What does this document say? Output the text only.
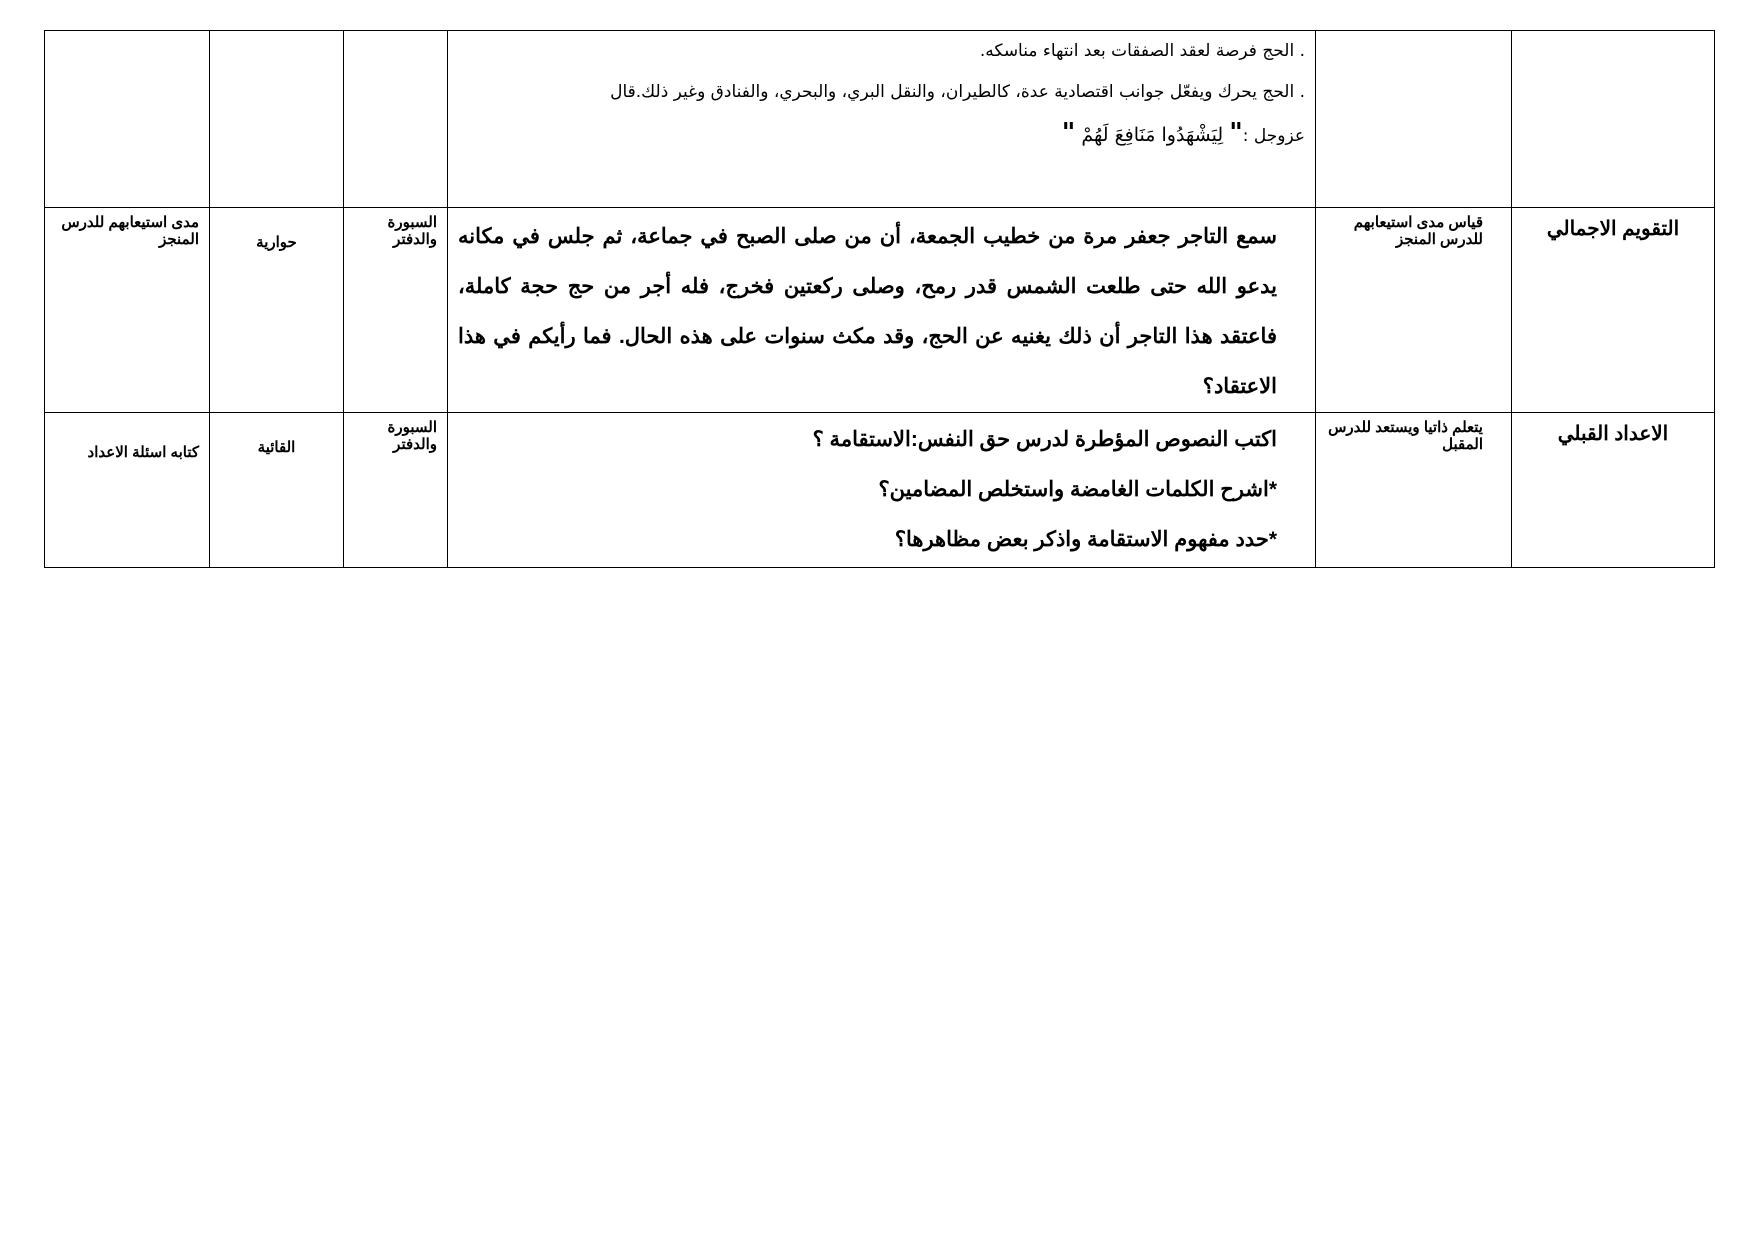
		. الحج فرصة لعقد الصفقات بعد انتهاء مناسكه.
. الحج يحرك ويفعّل جوانب اقتصادية عدة، كالطيران، والنقل البري، والبحري، والفنادق وغير ذلك.قال
عزوجل :" لِيَشْهَدُوا مَنَافِعَ لَهُمْ "			

التقويم الاجمالي	قياس مدى استيعابهم للدرس المنجز	سمع التاجر جعفر مرة من خطيب الجمعة، أن من صلى الصبح في جماعة، ثم جلس في مكانه يدعو الله حتى طلعت الشمس قدر رمح، وصلى ركعتين فخرج، فله أجر من حج حجة كاملة، فاعتقد هذا التاجر أن ذلك يغنيه عن الحج، وقد مكث سنوات على هذه الحال. فما رأيكم في هذا الاعتقاد؟	السبورة والدفتر	حوارية	مدى استيعابهم للدرس المنجز
الاعداد القبلي	يتعلم ذاتيا ويستعد للدرس المقبل	اكتب النصوص المؤطرة لدرس حق النفس:الاستقامة ؟
*اشرح الكلمات الغامضة واستخلص المضامين؟
*حدد مفهوم الاستقامة واذكر بعض مظاهرها؟	السبورة والدفتر	القائية	كتابه اسئلة الاعداد
